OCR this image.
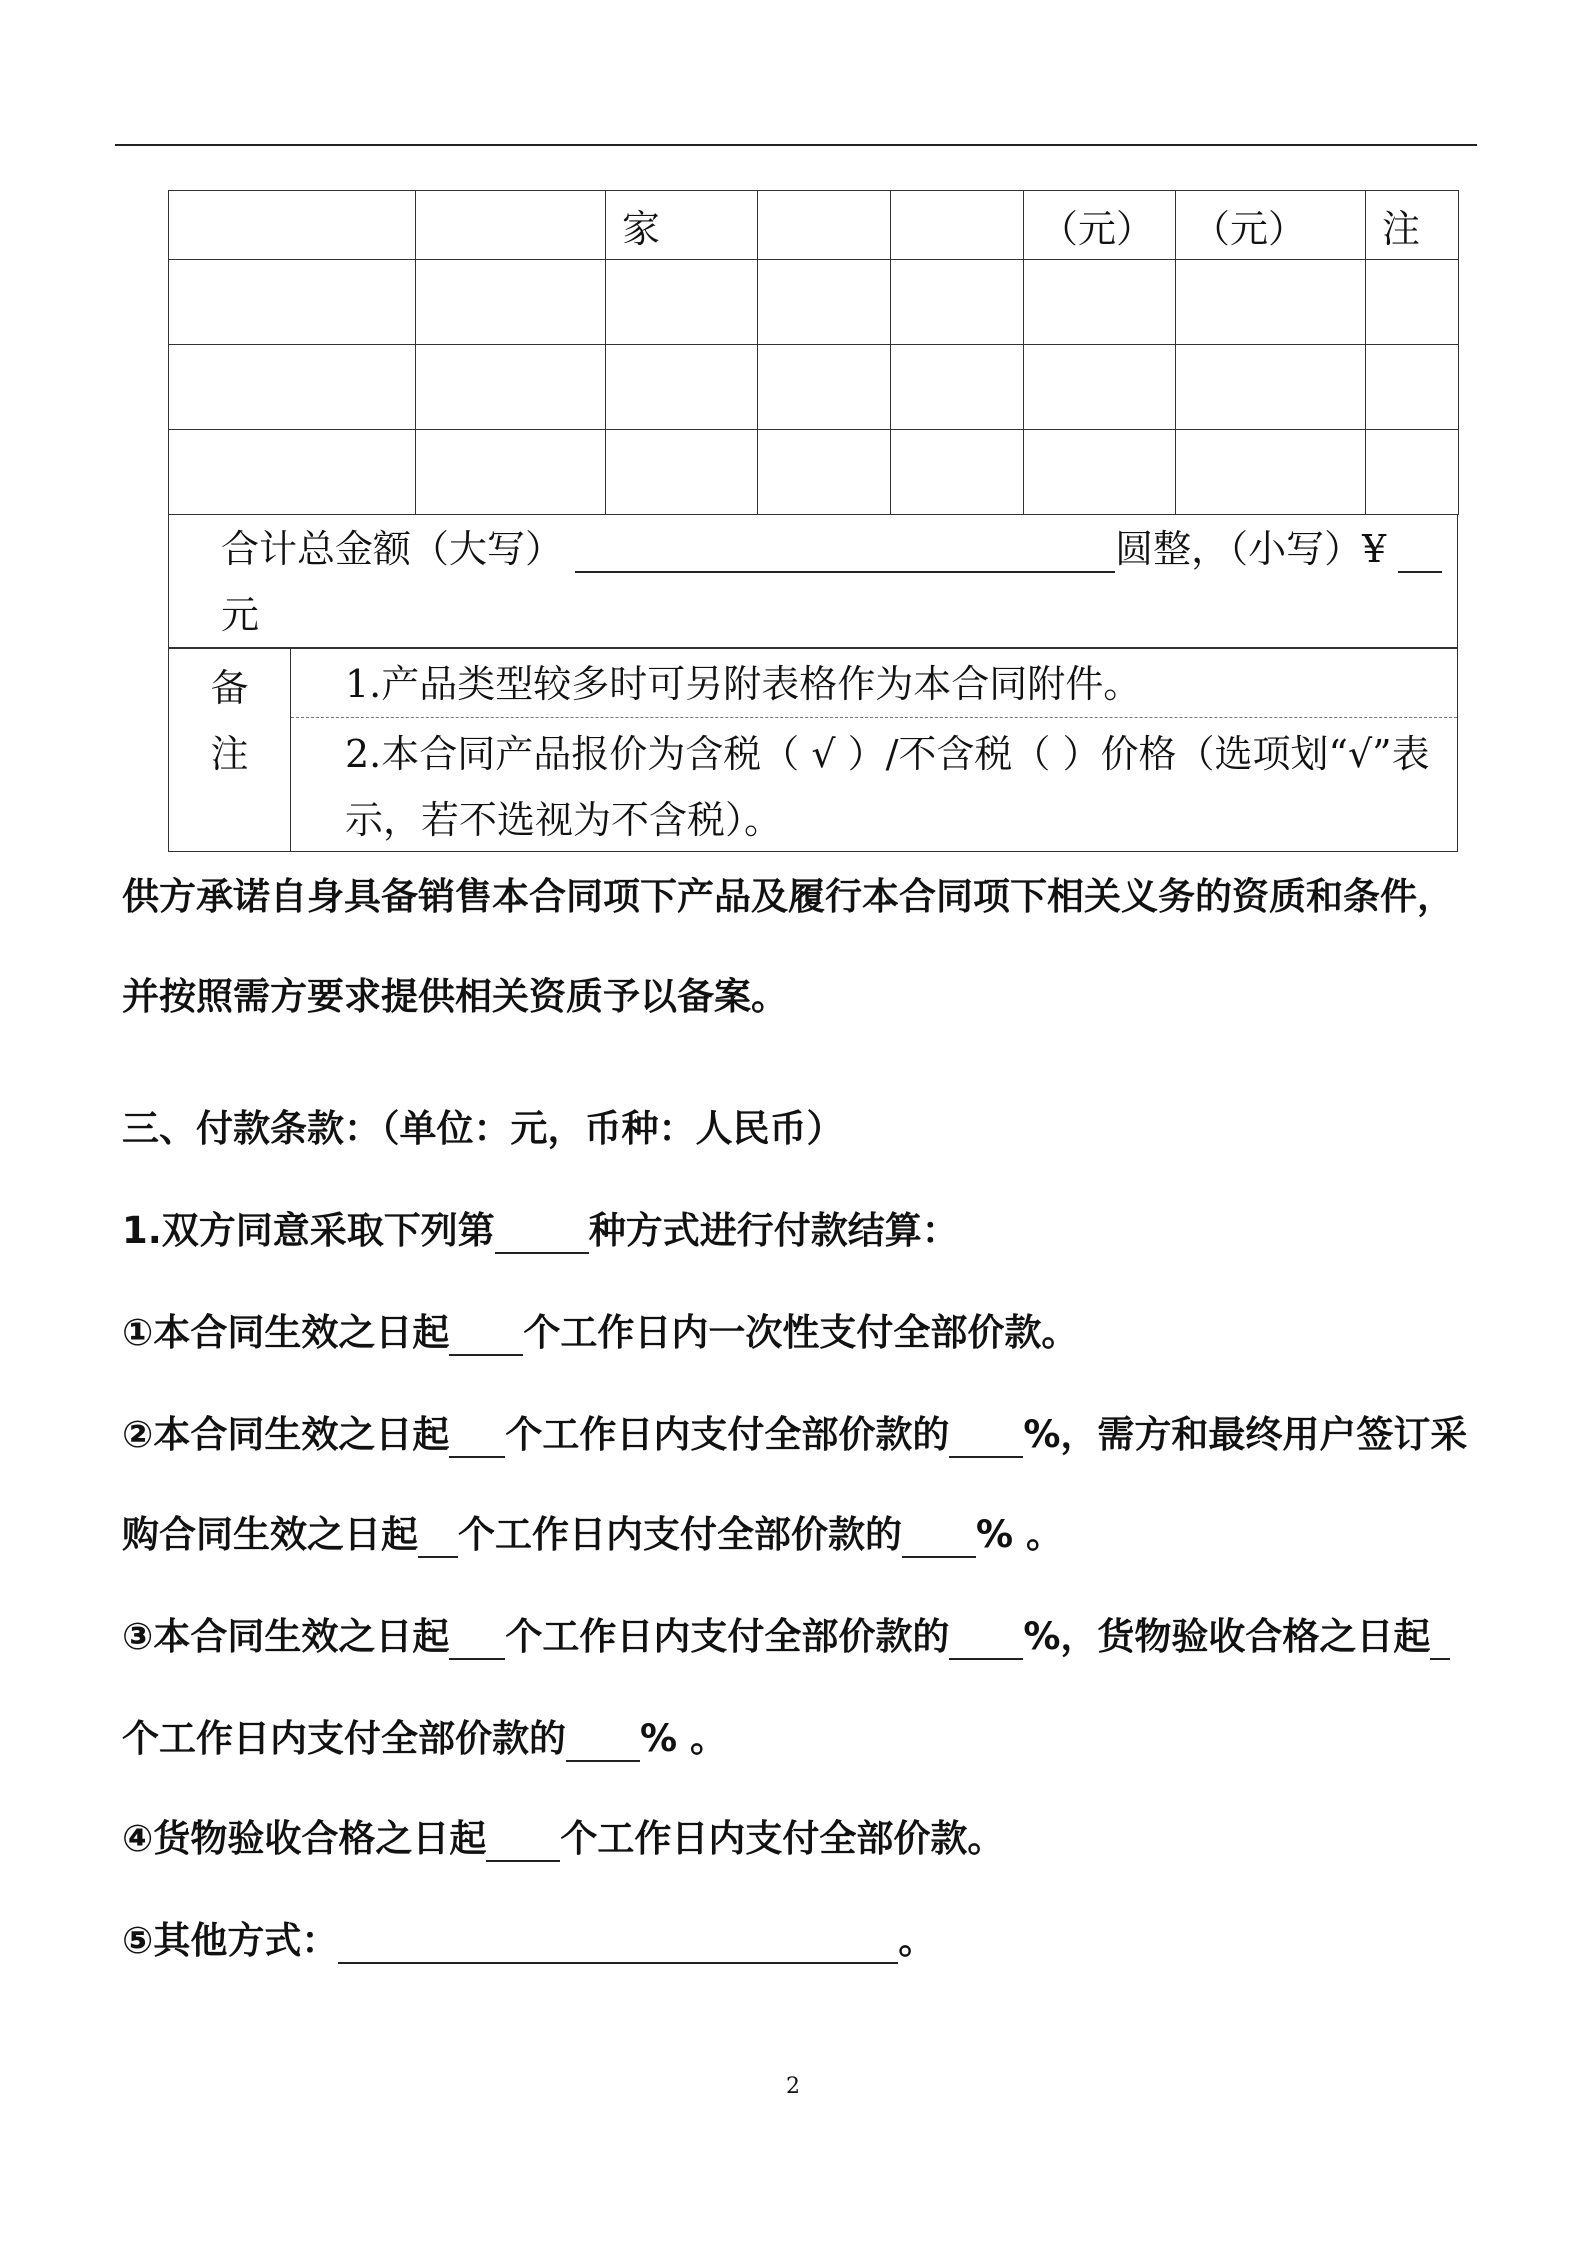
		家			（元）	（元）	注

合计总金额（大写）	圆整，（小写）¥
元
备
注
1.产品类型较多时可另附表格作为本合同附件。
2.本合同产品报价为含税（ √ ）/不含税（ ）价格（选项划“√”表示，若不选视为不含税）。
供方承诺自身具备销售本合同项下产品及履行本合同项下相关义务的资质和条件，
并按照需方要求提供相关资质予以备案。
三、付款条款：（单位：元，币种：人民币）
1.双方同意采取下列第	种方式进行付款结算：
①本合同生效之日起 个工作日内一次性支付全部价款。
②本合同生效之日起 个工作日内支付全部价款的 %，需方和最终用户签订采
购合同生效之日起 个工作日内支付全部价款的 % 。
③本合同生效之日起 个工作日内支付全部价款的 %，货物验收合格之日起
个工作日内支付全部价款的 % 。
④货物验收合格之日起 个工作日内支付全部价款。
⑤其他方式：	。
2
